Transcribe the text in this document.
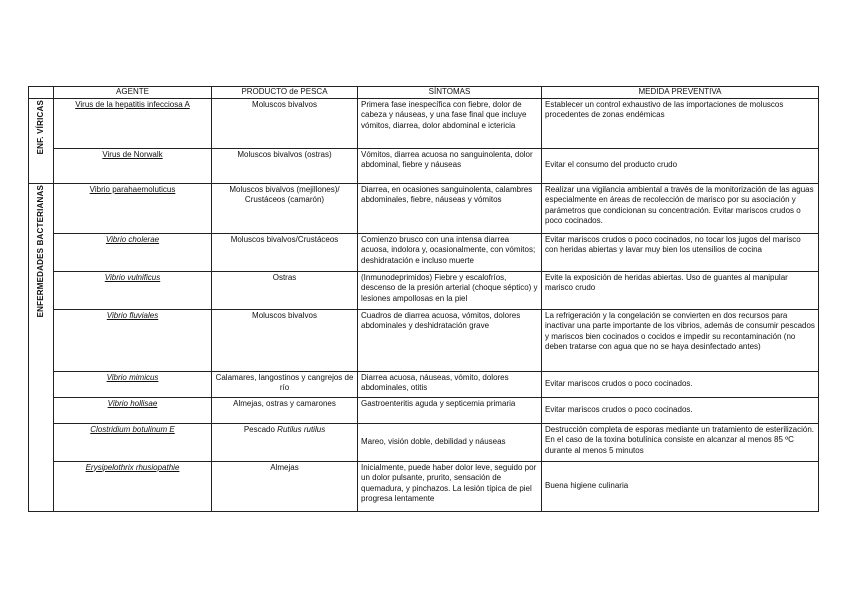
	AGENTE	PRODUCTO de PESCA	SÍNTOMAS	MEDIDA PREVENTIVA
ENF. VÍRICAS	Virus de la hepatitis infecciosa A	Moluscos bivalvos	Primera fase inespecífica con fiebre, dolor de cabeza y náuseas, y una fase final que incluye vómitos, diarrea, dolor abdominal e ictericia	Establecer un control exhaustivo de las importaciones de moluscos procedentes de zonas endémicas
	Virus de Norwalk	Moluscos bivalvos (ostras)	Vómitos, diarrea acuosa no sanguinolenta, dolor abdominal, fiebre y náuseas	Evitar el consumo del producto crudo
ENFERMEDADES BACTERIANAS	Vibrio parahaemoluticus	Moluscos bivalvos (mejillones)/ Crustáceos (camarón)	Diarrea, en ocasiones sanguinolenta, calambres abdominales, fiebre, náuseas y vómitos	Realizar una vigilancia ambiental a través de la monitorización de las aguas especialmente en áreas de recolección de marisco por su asociación y parámetros que condicionan su concentración. Evitar mariscos crudos o poco cocinados.
	Vibrio cholerae	Moluscos bivalvos/Crustáceos	Comienzo brusco con una intensa diarrea acuosa, indolora y, ocasionalmente, con vómitos; deshidratación e incluso muerte	Evitar mariscos crudos o poco cocinados, no tocar los jugos del marisco con heridas abiertas y lavar muy bien los utensilios de cocina
	Vibrio vulnificus	Ostras	(Inmunodeprimidos) Fiebre y escalofríos, descenso de la presión arterial (choque séptico) y lesiones ampollosas en la piel	Evite la exposición de heridas abiertas. Uso de guantes al manipular marisco crudo
	Vibrio fluviales	Moluscos bivalvos	Cuadros de diarrea acuosa, vómitos, dolores abdominales y deshidratación grave	La refrigeración y la congelación se convierten en dos recursos para inactivar una parte importante de los vibrios, además de consumir pescados y mariscos bien cocinados o cocidos e impedir su recontaminación (no deben tratarse con agua que no se haya desinfectado antes)
	Vibrio mimicus	Calamares, langostinos y cangrejos de río	Diarrea acuosa, náuseas, vómito, dolores abdominales, otitis	Evitar mariscos crudos o poco cocinados.
	Vibrio hollisae	Almejas, ostras y camarones	Gastroenteritis aguda y septicemia primaria	Evitar mariscos crudos o poco cocinados.
	Clostridium botulinum E	Pescado Rutilus rutilus	Mareo, visión doble, debilidad y náuseas	Destrucción completa de esporas mediante un tratamiento de esterilización. En el caso de la toxina botulínica consiste en alcanzar al menos 85 ºC durante al menos 5 minutos
	Erysipelothrix rhusiopathie	Almejas	Inicialmente, puede haber dolor leve, seguido por un dolor pulsante, prurito, sensación de quemadura, y pinchazos. La lesión típica de piel progresa lentamente	Buena higiene culinaria
